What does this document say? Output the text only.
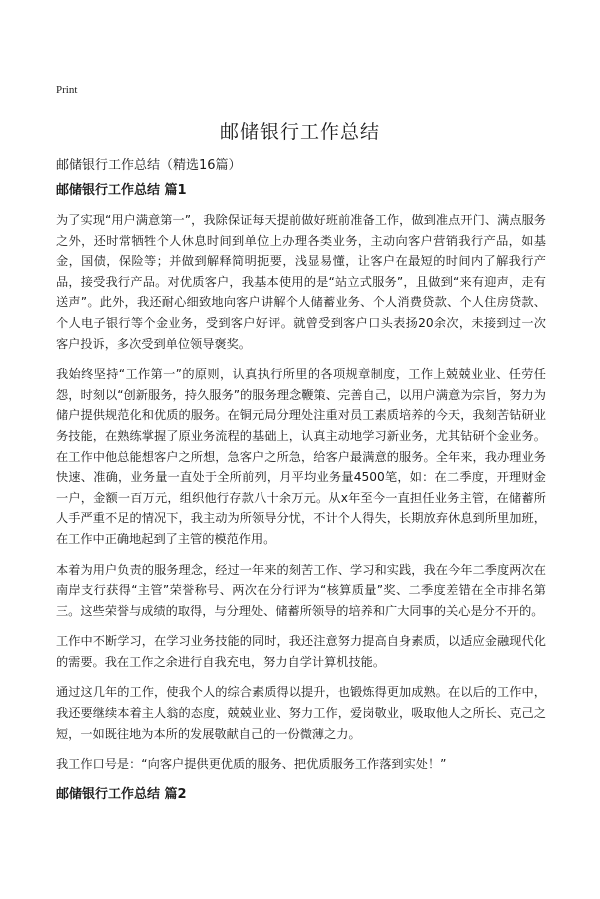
Print
邮储银行工作总结

邮储银行工作总结（精选16篇）

邮储银行工作总结 篇1

为了实现“用户满意第一”，我除保证每天提前做好班前准备工作，做到准点开门、满点服务之外，还时常牺牲个人休息时间到单位上办理各类业务，主动向客户营销我行产品，如基金，国债，保险等；并做到解释简明扼要，浅显易懂，让客户在最短的时间内了解我行产品，接受我行产品。对优质客户，我基本使用的是“站立式服务”，且做到“来有迎声，走有送声”。此外，我还耐心细致地向客户讲解个人储蓄业务、个人消费贷款、个人住房贷款、个人电子银行等个金业务，受到客户好评。就曾受到客户口头表扬20余次，未接到过一次客户投诉，多次受到单位领导褒奖。

我始终坚持“工作第一”的原则，认真执行所里的各项规章制度，工作上兢兢业业、任劳任怨，时刻以“创新服务，持久服务”的服务理念鞭策、完善自己，以用户满意为宗旨，努力为储户提供规范化和优质的服务。在铜元局分理处注重对员工素质培养的今天，我刻苦钻研业务技能，在熟练掌握了原业务流程的基础上，认真主动地学习新业务，尤其钻研个金业务。在工作中他总能想客户之所想，急客户之所急，给客户最满意的服务。全年来，我办理业务快速、准确，业务量一直处于全所前列，月平均业务量4500笔，如：在二季度，开理财金一户，金额一百万元，组织他行存款八十余万元。从x年至今一直担任业务主管，在储蓄所人手严重不足的情况下，我主动为所领导分忧，不计个人得失，长期放弃休息到所里加班，在工作中正确地起到了主管的模范作用。

本着为用户负责的服务理念，经过一年来的刻苦工作、学习和实践，我在今年二季度两次在南岸支行获得“主管”荣誉称号、两次在分行评为“核算质量”奖、二季度差错在全市排名第三。这些荣誉与成绩的取得，与分理处、储蓄所领导的培养和广大同事的关心是分不开的。

工作中不断学习，在学习业务技能的同时，我还注意努力提高自身素质，以适应金融现代化的需要。我在工作之余进行自我充电，努力自学计算机技能。

通过这几年的工作，使我个人的综合素质得以提升，也锻炼得更加成熟。在以后的工作中，我还要继续本着主人翁的态度，兢兢业业、努力工作，爱岗敬业，吸取他人之所长、克己之短，一如既往地为本所的发展敬献自己的一份微薄之力。

我工作口号是：“向客户提供更优质的服务、把优质服务工作落到实处！”

邮储银行工作总结 篇2
